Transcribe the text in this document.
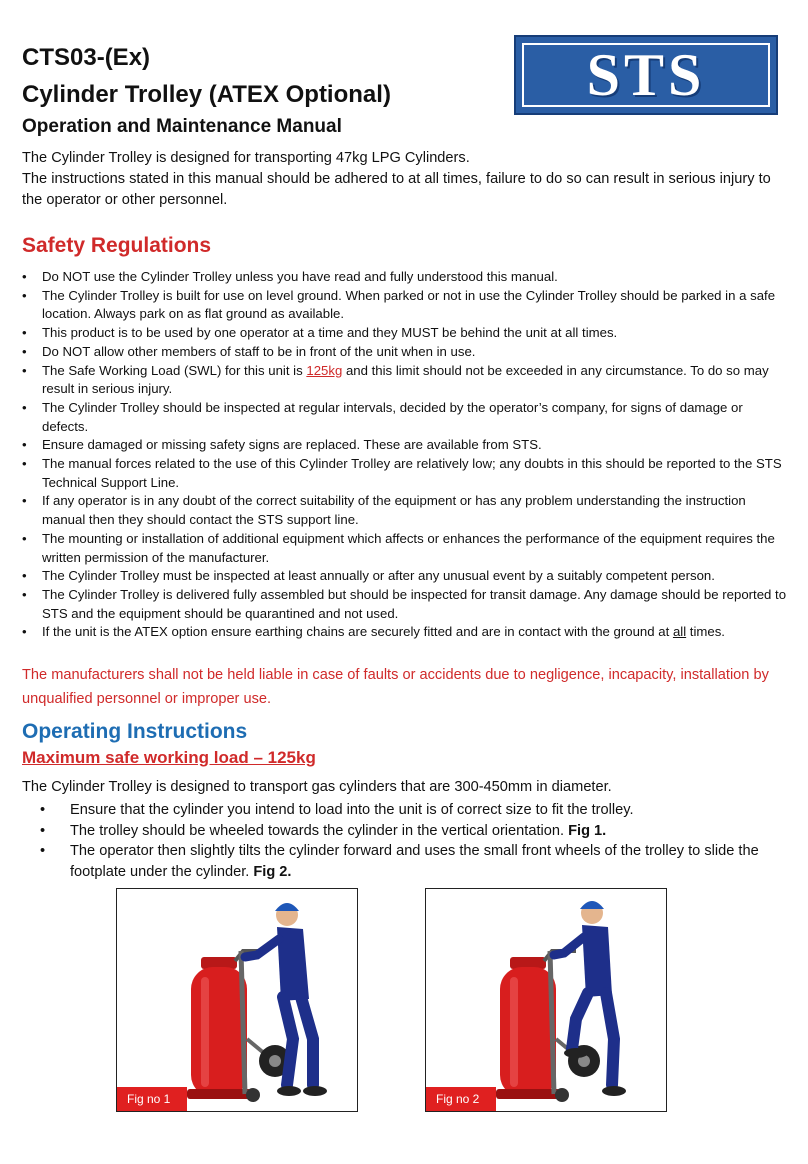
CTS03-(Ex)
Cylinder Trolley (ATEX Optional)
Operation and Maintenance Manual
STS
The Cylinder Trolley is designed for transporting 47kg LPG Cylinders.
The instructions stated in this manual should be adhered to at all times, failure to do so can result in serious injury to the operator or other personnel.
Safety Regulations
• Do NOT use the Cylinder Trolley unless you have read and fully understood this manual.
• The Cylinder Trolley is built for use on level ground. When parked or not in use the Cylinder Trolley should be parked in a safe location. Always park on as flat ground as available.
• This product is to be used by one operator at a time and they MUST be behind the unit at all times.
• Do NOT allow other members of staff to be in front of the unit when in use.
• The Safe Working Load (SWL) for this unit is 125kg and this limit should not be exceeded in any circumstance. To do so may result in serious injury.
• The Cylinder Trolley should be inspected at regular intervals, decided by the operator’s company, for signs of damage or defects.
• Ensure damaged or missing safety signs are replaced. These are available from STS.
• The manual forces related to the use of this Cylinder Trolley are relatively low; any doubts in this should be reported to the STS Technical Support Line.
• If any operator is in any doubt of the correct suitability of the equipment or has any problem understanding the instruction manual then they should contact the STS support line.
• The mounting or installation of additional equipment which affects or enhances the performance of the equipment requires the written permission of the manufacturer.
• The Cylinder Trolley must be inspected at least annually or after any unusual event by a suitably competent person.
• The Cylinder Trolley is delivered fully assembled but should be inspected for transit damage. Any damage should be reported to STS and the equipment should be quarantined and not used.
• If the unit is the ATEX option ensure earthing chains are securely fitted and are in contact with the ground at all times.
The manufacturers shall not be held liable in case of faults or accidents due to negligence, incapacity, installation by unqualified personnel or improper use.
Operating Instructions
Maximum safe working load – 125kg
The Cylinder Trolley is designed to transport gas cylinders that are 300-450mm in diameter.
• Ensure that the cylinder you intend to load into the unit is of correct size to fit the trolley.
• The trolley should be wheeled towards the cylinder in the vertical orientation. Fig 1.
• The operator then slightly tilts the cylinder forward and uses the small front wheels of the trolley to slide the footplate under the cylinder. Fig 2.
Fig no 1	Fig no 2
